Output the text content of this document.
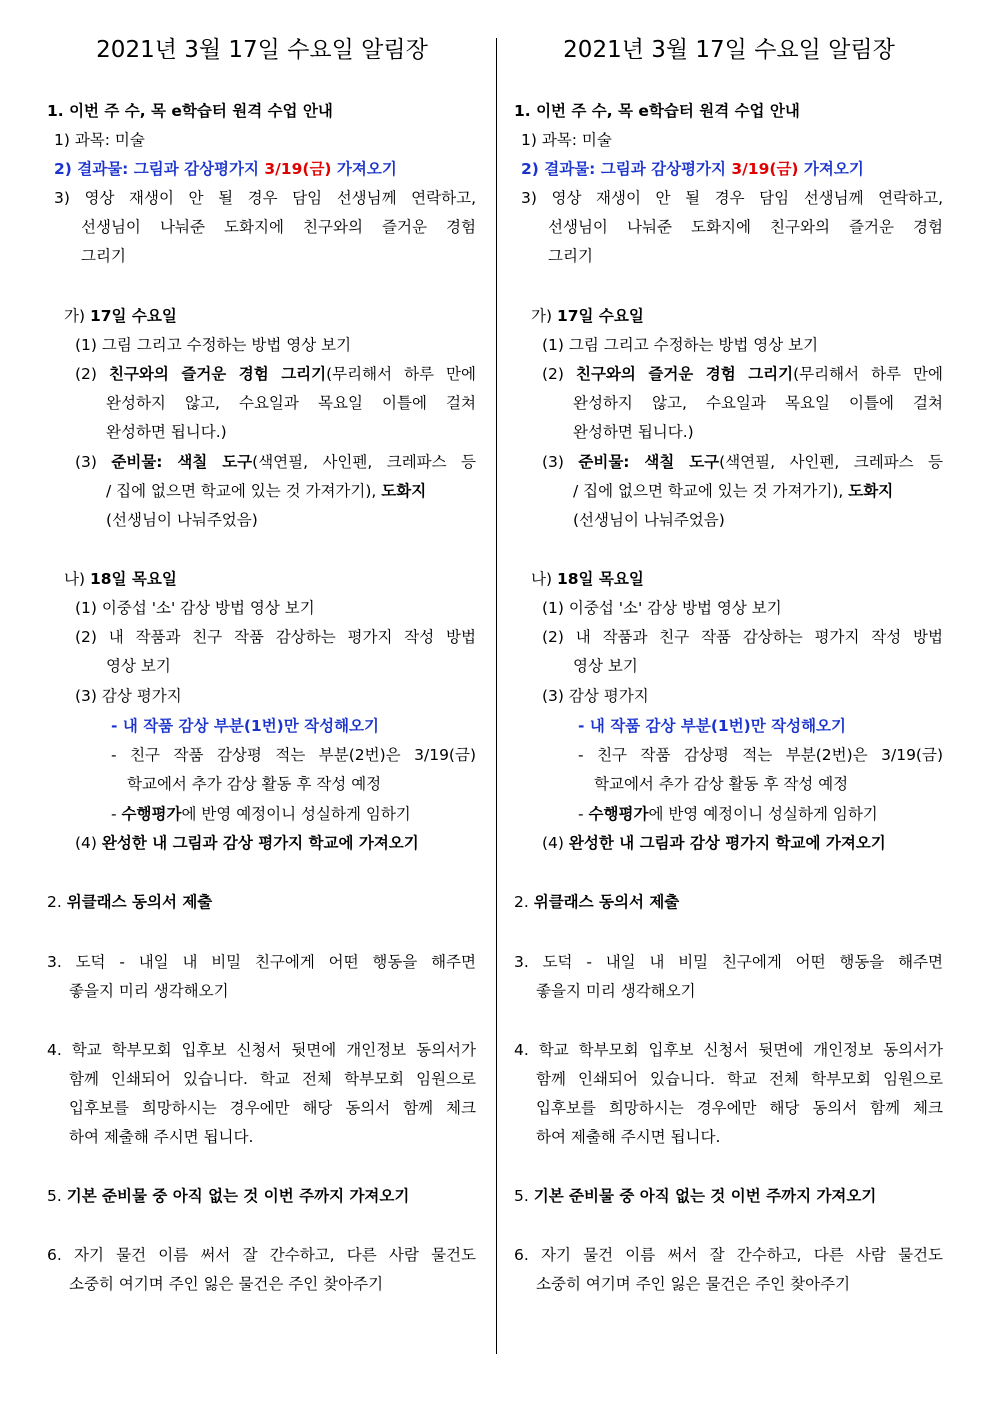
2021년 3월 17일 수요일 알림장
1. 이번 주 수, 목 e학습터 원격 수업 안내
1) 과목: 미술
2) 결과물: 그림과 감상평가지 3/19(금) 가져오기
3) 영상 재생이 안 될 경우 담임 선생님께 연락하고,
선생님이 나눠준 도화지에 친구와의 즐거운 경험
그리기
가) 17일 수요일
(1) 그림 그리고 수정하는 방법 영상 보기
(2) 친구와의 즐거운 경험 그리기(무리해서 하루 만에
완성하지 않고, 수요일과 목요일 이틀에 걸쳐
완성하면 됩니다.)
(3) 준비물: 색칠 도구(색연필, 사인펜, 크레파스 등
/ 집에 없으면 학교에 있는 것 가져가기), 도화지
(선생님이 나눠주었음)
나) 18일 목요일
(1) 이중섭 '소' 감상 방법 영상 보기
(2) 내 작품과 친구 작품 감상하는 평가지 작성 방법
영상 보기
(3) 감상 평가지
- 내 작품 감상 부분(1번)만 작성해오기
- 친구 작품 감상평 적는 부분(2번)은 3/19(금)
학교에서 추가 감상 활동 후 작성 예정
- 수행평가에 반영 예정이니 성실하게 임하기
(4) 완성한 내 그림과 감상 평가지 학교에 가져오기
2. 위클래스 동의서 제출
3. 도덕 - 내일 내 비밀 친구에게 어떤 행동을 해주면
좋을지 미리 생각해오기
4. 학교 학부모회 입후보 신청서 뒷면에 개인정보 동의서가
함께 인쇄되어 있습니다. 학교 전체 학부모회 임원으로
입후보를 희망하시는 경우에만 해당 동의서 함께 체크
하여 제출해 주시면 됩니다.
5. 기본 준비물 중 아직 없는 것 이번 주까지 가져오기
6. 자기 물건 이름 써서 잘 간수하고, 다른 사람 물건도
소중히 여기며 주인 잃은 물건은 주인 찾아주기
2021년 3월 17일 수요일 알림장
1. 이번 주 수, 목 e학습터 원격 수업 안내
1) 과목: 미술
2) 결과물: 그림과 감상평가지 3/19(금) 가져오기
3) 영상 재생이 안 될 경우 담임 선생님께 연락하고,
선생님이 나눠준 도화지에 친구와의 즐거운 경험
그리기
가) 17일 수요일
(1) 그림 그리고 수정하는 방법 영상 보기
(2) 친구와의 즐거운 경험 그리기(무리해서 하루 만에
완성하지 않고, 수요일과 목요일 이틀에 걸쳐
완성하면 됩니다.)
(3) 준비물: 색칠 도구(색연필, 사인펜, 크레파스 등
/ 집에 없으면 학교에 있는 것 가져가기), 도화지
(선생님이 나눠주었음)
나) 18일 목요일
(1) 이중섭 '소' 감상 방법 영상 보기
(2) 내 작품과 친구 작품 감상하는 평가지 작성 방법
영상 보기
(3) 감상 평가지
- 내 작품 감상 부분(1번)만 작성해오기
- 친구 작품 감상평 적는 부분(2번)은 3/19(금)
학교에서 추가 감상 활동 후 작성 예정
- 수행평가에 반영 예정이니 성실하게 임하기
(4) 완성한 내 그림과 감상 평가지 학교에 가져오기
2. 위클래스 동의서 제출
3. 도덕 - 내일 내 비밀 친구에게 어떤 행동을 해주면
좋을지 미리 생각해오기
4. 학교 학부모회 입후보 신청서 뒷면에 개인정보 동의서가
함께 인쇄되어 있습니다. 학교 전체 학부모회 임원으로
입후보를 희망하시는 경우에만 해당 동의서 함께 체크
하여 제출해 주시면 됩니다.
5. 기본 준비물 중 아직 없는 것 이번 주까지 가져오기
6. 자기 물건 이름 써서 잘 간수하고, 다른 사람 물건도
소중히 여기며 주인 잃은 물건은 주인 찾아주기
